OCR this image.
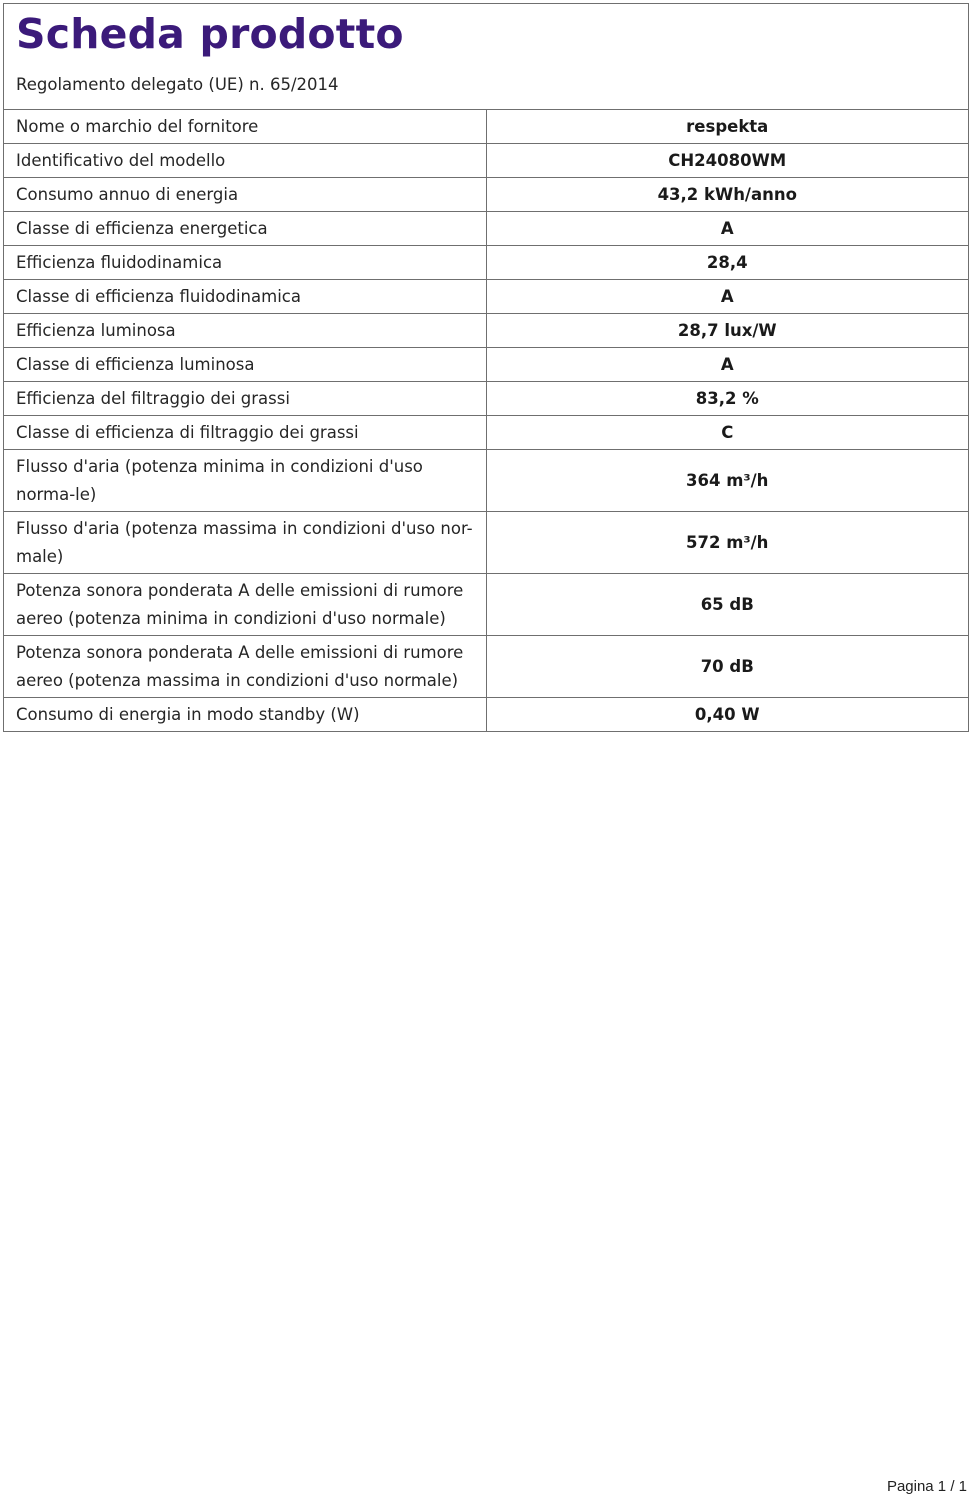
Scheda prodotto
Regolamento delegato (UE) n. 65/2014
Nome o marchio del fornitore	respekta
Identificativo del modello	CH24080WM
Consumo annuo di energia	43,2 kWh/anno
Classe di efficienza energetica	A
Efficienza fluidodinamica	28,4
Classe di efficienza fluidodinamica	A
Efficienza luminosa	28,7 lux/W
Classe di efficienza luminosa	A
Efficienza del filtraggio dei grassi	83,2 %
Classe di efficienza di filtraggio dei grassi	C
Flusso d'aria (potenza minima in condizioni d'uso norma-le)	364 m³/h
Flusso d'aria (potenza massima in condizioni d'uso nor-male)	572 m³/h
Potenza sonora ponderata A delle emissioni di rumore aereo (potenza minima in condizioni d'uso normale)	65 dB
Potenza sonora ponderata A delle emissioni di rumore aereo (potenza massima in condizioni d'uso normale)	70 dB
Consumo di energia in modo standby (W)	0,40 W
Pagina 1 / 1
